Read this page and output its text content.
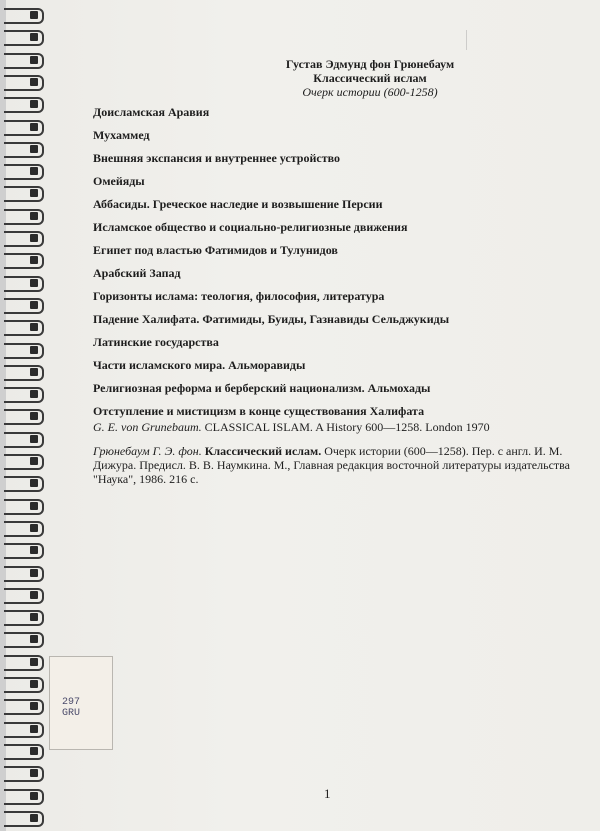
Густав Эдмунд фон Грюнебаум
Классический ислам
Очерк истории (600-1258)
Доисламская Аравия
Мухаммед
Внешняя экспансия и внутреннее устройство
Омейяды
Аббасиды. Греческое наследие и возвышение Персии
Исламское общество и социально-религиозные движения
Египет под властью Фатимидов и Тулунидов
Арабский Запад
Горизонты ислама: теология, философия, литература
Падение Халифата. Фатимиды, Буиды, Газнавиды Сельджукиды
Латинские государства
Части исламского мира. Альморавиды
Религиозная реформа и берберский национализм. Альмохады
Отступление и мистицизм в конце существования Халифата
G. E. von Grunebaum. CLASSICAL ISLAM. A History 600—1258. London 1970
Грюнебаум Г. Э. фон. Классический ислам. Очерк истории (600—1258). Пер. с англ. И. М. Дижура. Предисл. В. В. Наумкина. М., Главная редакция восточной литературы издательства "Наука", 1986. 216 с.
297
GRU
1
